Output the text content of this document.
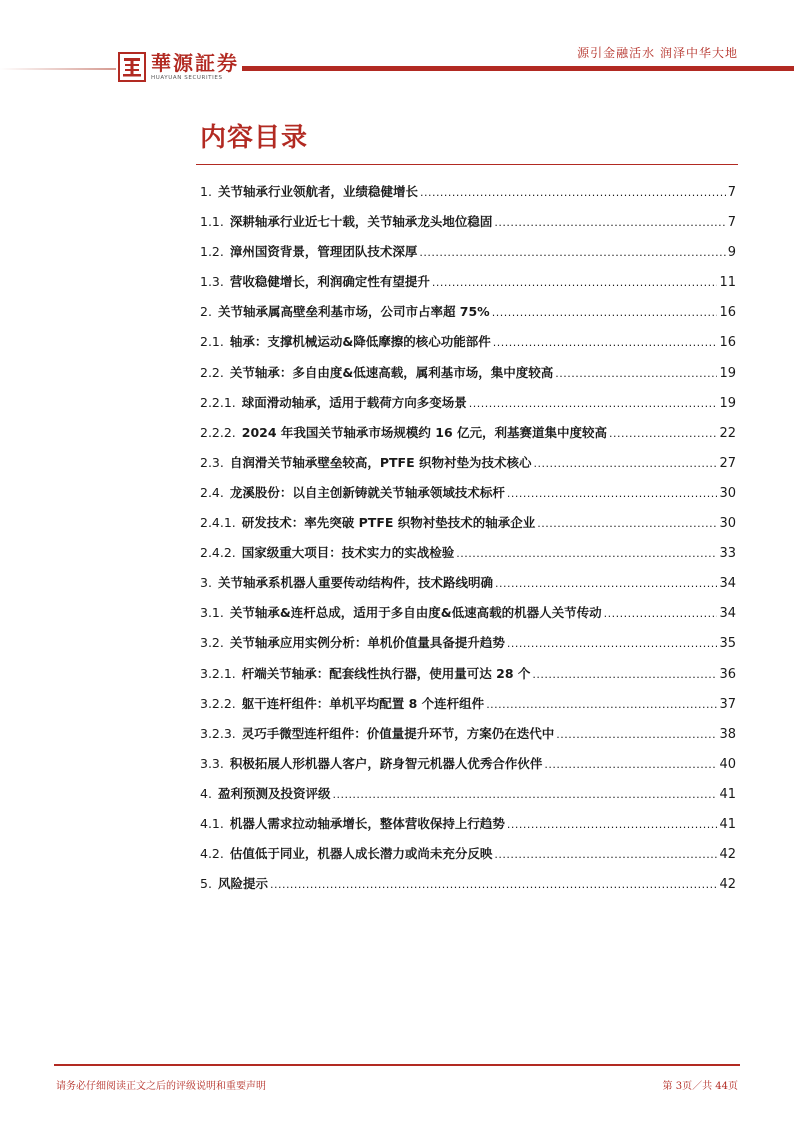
源引金融活水 润泽中华大地
華源証券
HUAYUAN SECURITIES
内容目录
1. 关节轴承行业领航者，业绩稳健增长 .....	7
1.1. 深耕轴承行业近七十载，关节轴承龙头地位稳固 .....	7
1.2. 漳州国资背景，管理团队技术深厚 .....	9
1.3. 营收稳健增长，利润确定性有望提升 .....	11
2. 关节轴承属高壁垒利基市场，公司市占率超 75% .....	16
2.1. 轴承：支撑机械运动&降低摩擦的核心功能部件 .....	16
2.2. 关节轴承：多自由度&低速高载，属利基市场，集中度较高 .....	19
2.2.1. 球面滑动轴承，适用于载荷方向多变场景 .....	19
2.2.2. 2024 年我国关节轴承市场规模约 16 亿元，利基赛道集中度较高 .....	22
2.3. 自润滑关节轴承壁垒较高，PTFE 织物衬垫为技术核心 .....	27
2.4. 龙溪股份：以自主创新铸就关节轴承领域技术标杆 .....	30
2.4.1. 研发技术：率先突破 PTFE 织物衬垫技术的轴承企业 .....	30
2.4.2. 国家级重大项目：技术实力的实战检验 .....	33
3. 关节轴承系机器人重要传动结构件，技术路线明确 .....	34
3.1. 关节轴承&连杆总成，适用于多自由度&低速高载的机器人关节传动 .....	34
3.2. 关节轴承应用实例分析：单机价值量具备提升趋势 .....	35
3.2.1. 杆端关节轴承：配套线性执行器，使用量可达 28 个 .....	36
3.2.2. 躯干连杆组件：单机平均配置 8 个连杆组件 .....	37
3.2.3. 灵巧手微型连杆组件：价值量提升环节，方案仍在迭代中 .....	38
3.3. 积极拓展人形机器人客户，跻身智元机器人优秀合作伙伴 .....	40
4. 盈利预测及投资评级 .....	41
4.1. 机器人需求拉动轴承增长，整体营收保持上行趋势 .....	41
4.2. 估值低于同业，机器人成长潜力或尚未充分反映 .....	42
5. 风险提示 .....	42
请务必仔细阅读正文之后的评级说明和重要声明	第 3页／共 44页
